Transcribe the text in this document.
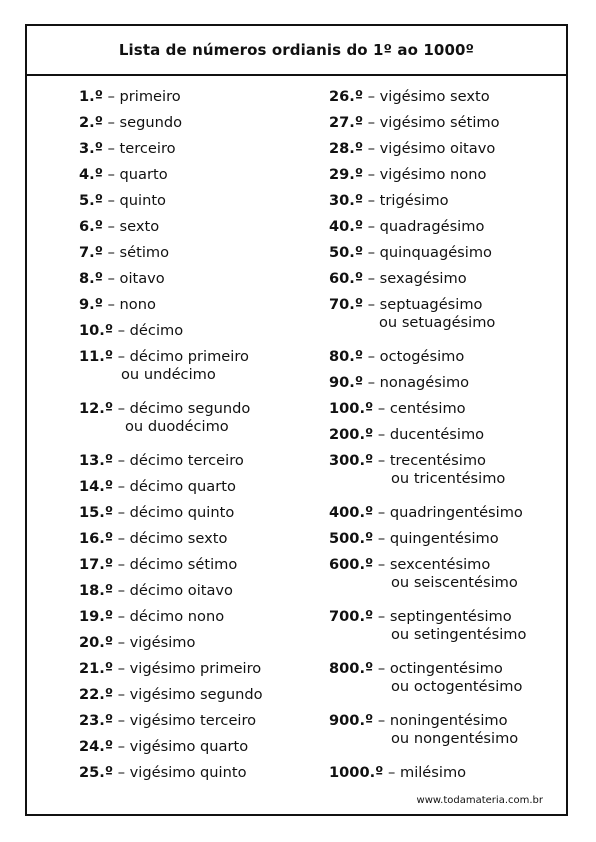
Lista de números ordianis do 1º ao 1000º
1.º – primeiro
2.º – segundo
3.º – terceiro
4.º – quarto
5.º – quinto
6.º – sexto
7.º – sétimo
8.º – oitavo
9.º – nono
10.º – décimo
11.º – décimo primeiro
ou undécimo
12.º – décimo segundo
ou duodécimo
13.º – décimo terceiro
14.º – décimo quarto
15.º – décimo quinto
16.º – décimo sexto
17.º – décimo sétimo
18.º – décimo oitavo
19.º – décimo nono
20.º – vigésimo
21.º – vigésimo primeiro
22.º – vigésimo segundo
23.º – vigésimo terceiro
24.º – vigésimo quarto
25.º – vigésimo quinto
26.º – vigésimo sexto
27.º – vigésimo sétimo
28.º – vigésimo oitavo
29.º – vigésimo nono
30.º – trigésimo
40.º – quadragésimo
50.º – quinquagésimo
60.º – sexagésimo
70.º – septuagésimo
ou setuagésimo
80.º – octogésimo
90.º – nonagésimo
100.º – centésimo
200.º – ducentésimo
300.º – trecentésimo
ou tricentésimo
400.º – quadringentésimo
500.º – quingentésimo
600.º – sexcentésimo
ou seiscentésimo
700.º – septingentésimo
ou setingentésimo
800.º – octingentésimo
ou octogentésimo
900.º – noningentésimo
ou nongentésimo
1000.º – milésimo
www.todamateria.com.br
